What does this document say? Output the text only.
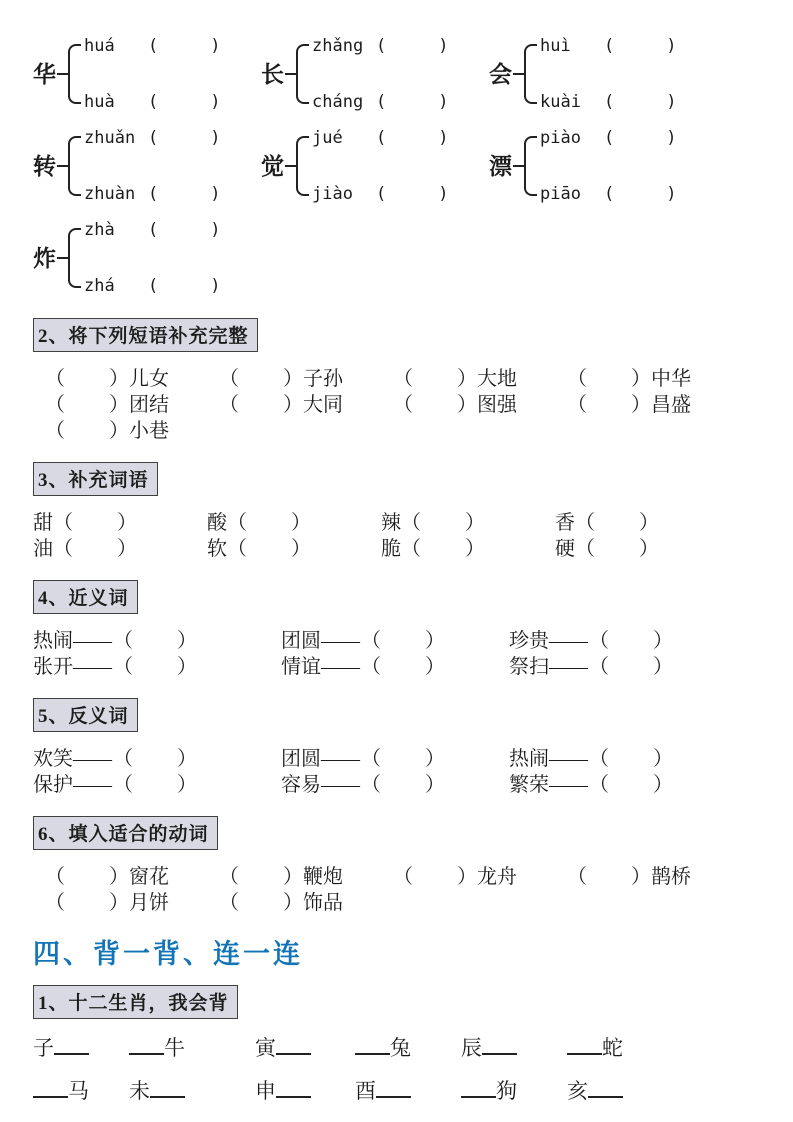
华
huá	(	)
huà	(	)
长
zhǎng (	)
cháng (	)
会
huì	(	)
kuài	(	)
转
zhuǎn (	)
zhuàn (	)
觉
jué	(	)
jiào	(	)
漂
piào	(	)
piāo	(	)
炸
zhà	(	)
zhá	(	)
2、将下列短语补充完整
（ ）儿女	（ ）子孙	（ ）大地	（ ）中华
（ ）团结	（ ）大同	（ ）图强	（ ）昌盛
（ ）小巷
3、补充词语
甜（ ）	酸（ ）	辣（ ）	香（ ）
油（ ）	软（ ）	脆（ ）	硬（ ）
4、近义词
热闹—— （ ）	团圆—— （ ）	珍贵—— （ ）
张开—— （ ）	情谊—— （ ）	祭扫—— （ ）
5、反义词
欢笑—— （ ）	团圆—— （ ）	热闹—— （ ）
保护—— （ ）	容易—— （ ）	繁荣—— （ ）
6、填入适合的动词
（ ）窗花	（ ）鞭炮	（ ）龙舟	（ ）鹊桥
（ ）月饼	（ ）饰品
四、背一背、连一连
1、十二生肖，我会背
子	牛	寅	兔	辰	蛇
马	未	申	酉	狗	亥
